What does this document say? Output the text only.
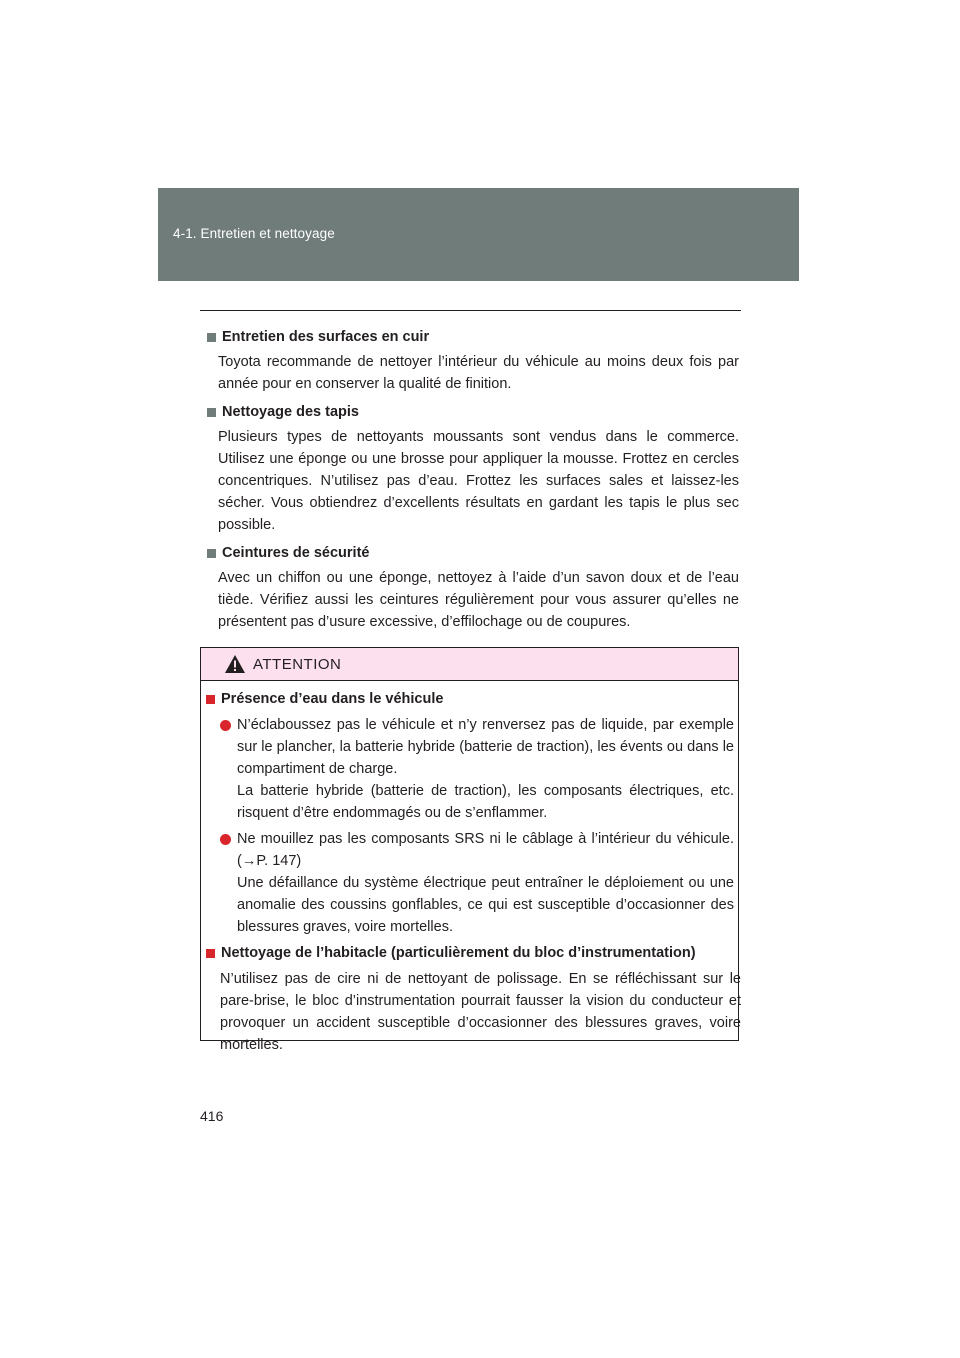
4-1. Entretien et nettoyage
Entretien des surfaces en cuir
Toyota recommande de nettoyer l’intérieur du véhicule au moins deux fois par année pour en conserver la qualité de finition.
Nettoyage des tapis
Plusieurs types de nettoyants moussants sont vendus dans le commerce. Utilisez une éponge ou une brosse pour appliquer la mousse. Frottez en cercles concentriques. N’utilisez pas d’eau. Frottez les surfaces sales et laissez-les sécher. Vous obtiendrez d’excellents résultats en gardant les tapis le plus sec possible.
Ceintures de sécurité
Avec un chiffon ou une éponge, nettoyez à l’aide d’un savon doux et de l’eau tiède. Vérifiez aussi les ceintures régulièrement pour vous assurer qu’elles ne présentent pas d’usure excessive, d’effilochage ou de coupures.
ATTENTION
Présence d’eau dans le véhicule
N’éclaboussez pas le véhicule et n’y renversez pas de liquide, par exemple sur le plancher, la batterie hybride (batterie de traction), les évents ou dans le compartiment de charge.
La batterie hybride (batterie de traction), les composants électriques, etc. risquent d’être endommagés ou de s’enflammer.
Ne mouillez pas les composants SRS ni le câblage à l’intérieur du véhicule. (→P. 147)
Une défaillance du système électrique peut entraîner le déploiement ou une anomalie des coussins gonflables, ce qui est susceptible d’occasionner des blessures graves, voire mortelles.
Nettoyage de l’habitacle (particulièrement du bloc d’instrumentation)
N’utilisez pas de cire ni de nettoyant de polissage. En se réfléchissant sur le pare-brise, le bloc d’instrumentation pourrait fausser la vision du conducteur et provoquer un accident susceptible d’occasionner des blessures graves, voire mortelles.
416
